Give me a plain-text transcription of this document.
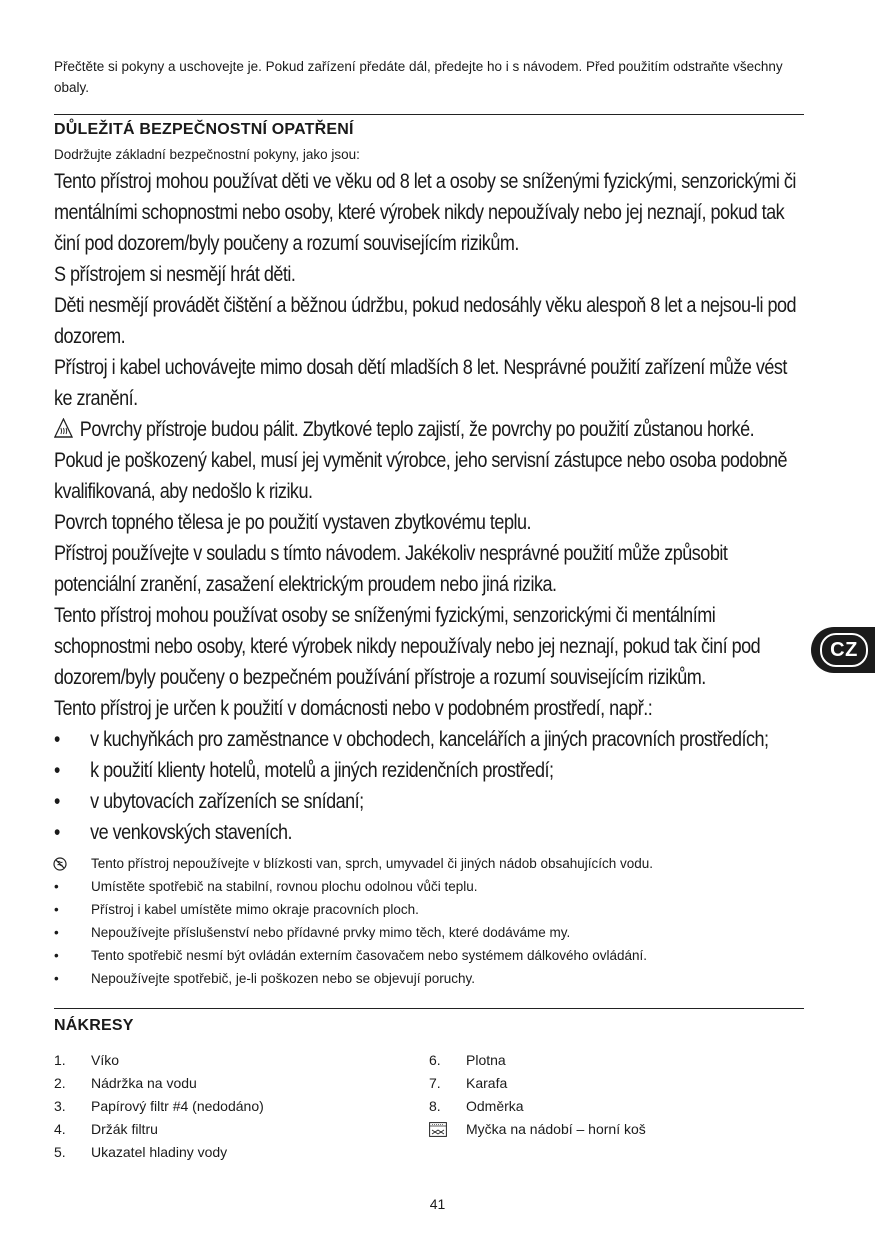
Přečtěte si pokyny a uschovejte je. Pokud zařízení předáte dál, předejte ho i s návodem. Před použitím odstraňte všechny obaly.

DŮLEŽITÁ BEZPEČNOSTNÍ OPATŘENÍ

Dodržujte základní bezpečnostní pokyny, jako jsou:

Tento přístroj mohou používat děti ve věku od 8 let a osoby se sníženými fyzickými, senzorickými či mentálními schopnostmi nebo osoby, které výrobek nikdy nepoužívaly nebo jej neznají, pokud tak činí pod dozorem/byly poučeny a rozumí souvisejícím rizikům.

S přístrojem si nesmějí hrát děti.

Děti nesmějí provádět čištění a běžnou údržbu, pokud nedosáhly věku alespoň 8 let a nejsou-li pod dozorem.

Přístroj i kabel uchovávejte mimo dosah dětí mladších 8 let. Nesprávné použití zařízení může vést ke zranění.

Povrchy přístroje budou pálit. Zbytkové teplo zajistí, že povrchy po použití zůstanou horké.

Pokud je poškozený kabel, musí jej vyměnit výrobce, jeho servisní zástupce nebo osoba podobně kvalifikovaná, aby nedošlo k riziku.

Povrch topného tělesa je po použití vystaven zbytkovému teplu.

Přístroj používejte v souladu s tímto návodem. Jakékoliv nesprávné použití může způsobit potenciální zranění, zasažení elektrickým proudem nebo jiná rizika.

Tento přístroj mohou používat osoby se sníženými fyzickými, senzorickými či mentálními schopnostmi nebo osoby, které výrobek nikdy nepoužívaly nebo jej neznají, pokud tak činí pod dozorem/byly poučeny o bezpečném používání přístroje a rozumí souvisejícím rizikům.

Tento přístroj je určen k použití v domácnosti nebo v podobném prostředí, např.:

• v kuchyňkách pro zaměstnance v obchodech, kancelářích a jiných pracovních prostředích;
• k použití klienty hotelů, motelů a jiných rezidenčních prostředí;
• v ubytovacích zařízeních se snídaní;
• ve venkovských staveních.
Tento přístroj nepoužívejte v blízkosti van, sprch, umyvadel či jiných nádob obsahujících vodu.
•	Umístěte spotřebič na stabilní, rovnou plochu odolnou vůči teplu.
•	Přístroj i kabel umístěte mimo okraje pracovních ploch.
•	Nepoužívejte příslušenství nebo přídavné prvky mimo těch, které dodáváme my.
•	Tento spotřebič nesmí být ovládán externím časovačem nebo systémem dálkového ovládání.
•	Nepoužívejte spotřebič, je-li poškozen nebo se objevují poruchy.
NÁKRESY
1. Víko
2. Nádržka na vodu
3. Papírový filtr #4 (nedodáno)
4. Držák filtru
5. Ukazatel hladiny vody
6. Plotna
7. Karafa
8. Odměrka
Myčka na nádobí – horní koš
CZ
41
